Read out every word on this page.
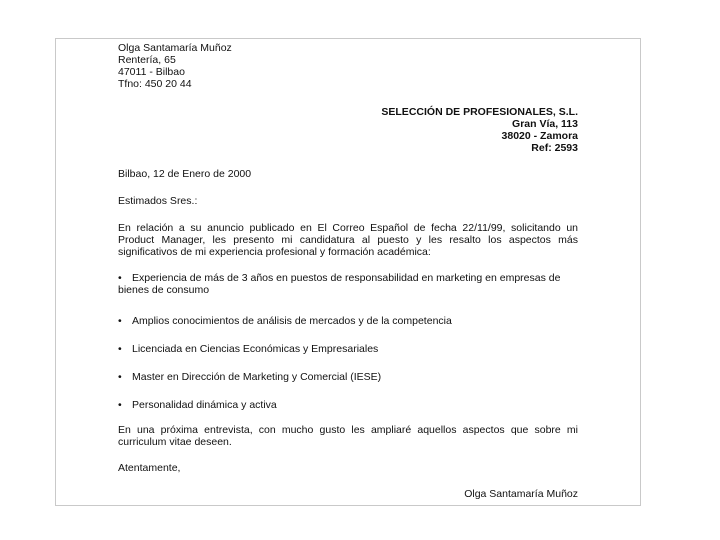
Olga Santamaría Muñoz
Rentería, 65
47011 - Bilbao
Tfno: 450 20 44
SELECCIÓN DE PROFESIONALES, S.L.
Gran Vía, 113
38020 - Zamora
Ref: 2593
Bilbao, 12 de Enero de 2000
Estimados Sres.:
En relación a su anuncio publicado en El Correo Español de fecha 22/11/99, solicitando un Product Manager, les presento mi candidatura al puesto y les resalto los aspectos más significativos de mi experiencia profesional y formación académica:
• Experiencia de más de 3 años en puestos de responsabilidad en marketing en empresas de bienes de consumo
• Amplios conocimientos de análisis de mercados y de la competencia
• Licenciada en Ciencias Económicas y Empresariales
• Master en Dirección de Marketing y Comercial (IESE)
• Personalidad dinámica y activa
En una próxima entrevista, con mucho gusto les ampliaré aquellos aspectos que sobre mi curriculum vitae deseen.
Atentamente,
Olga Santamaría Muñoz
